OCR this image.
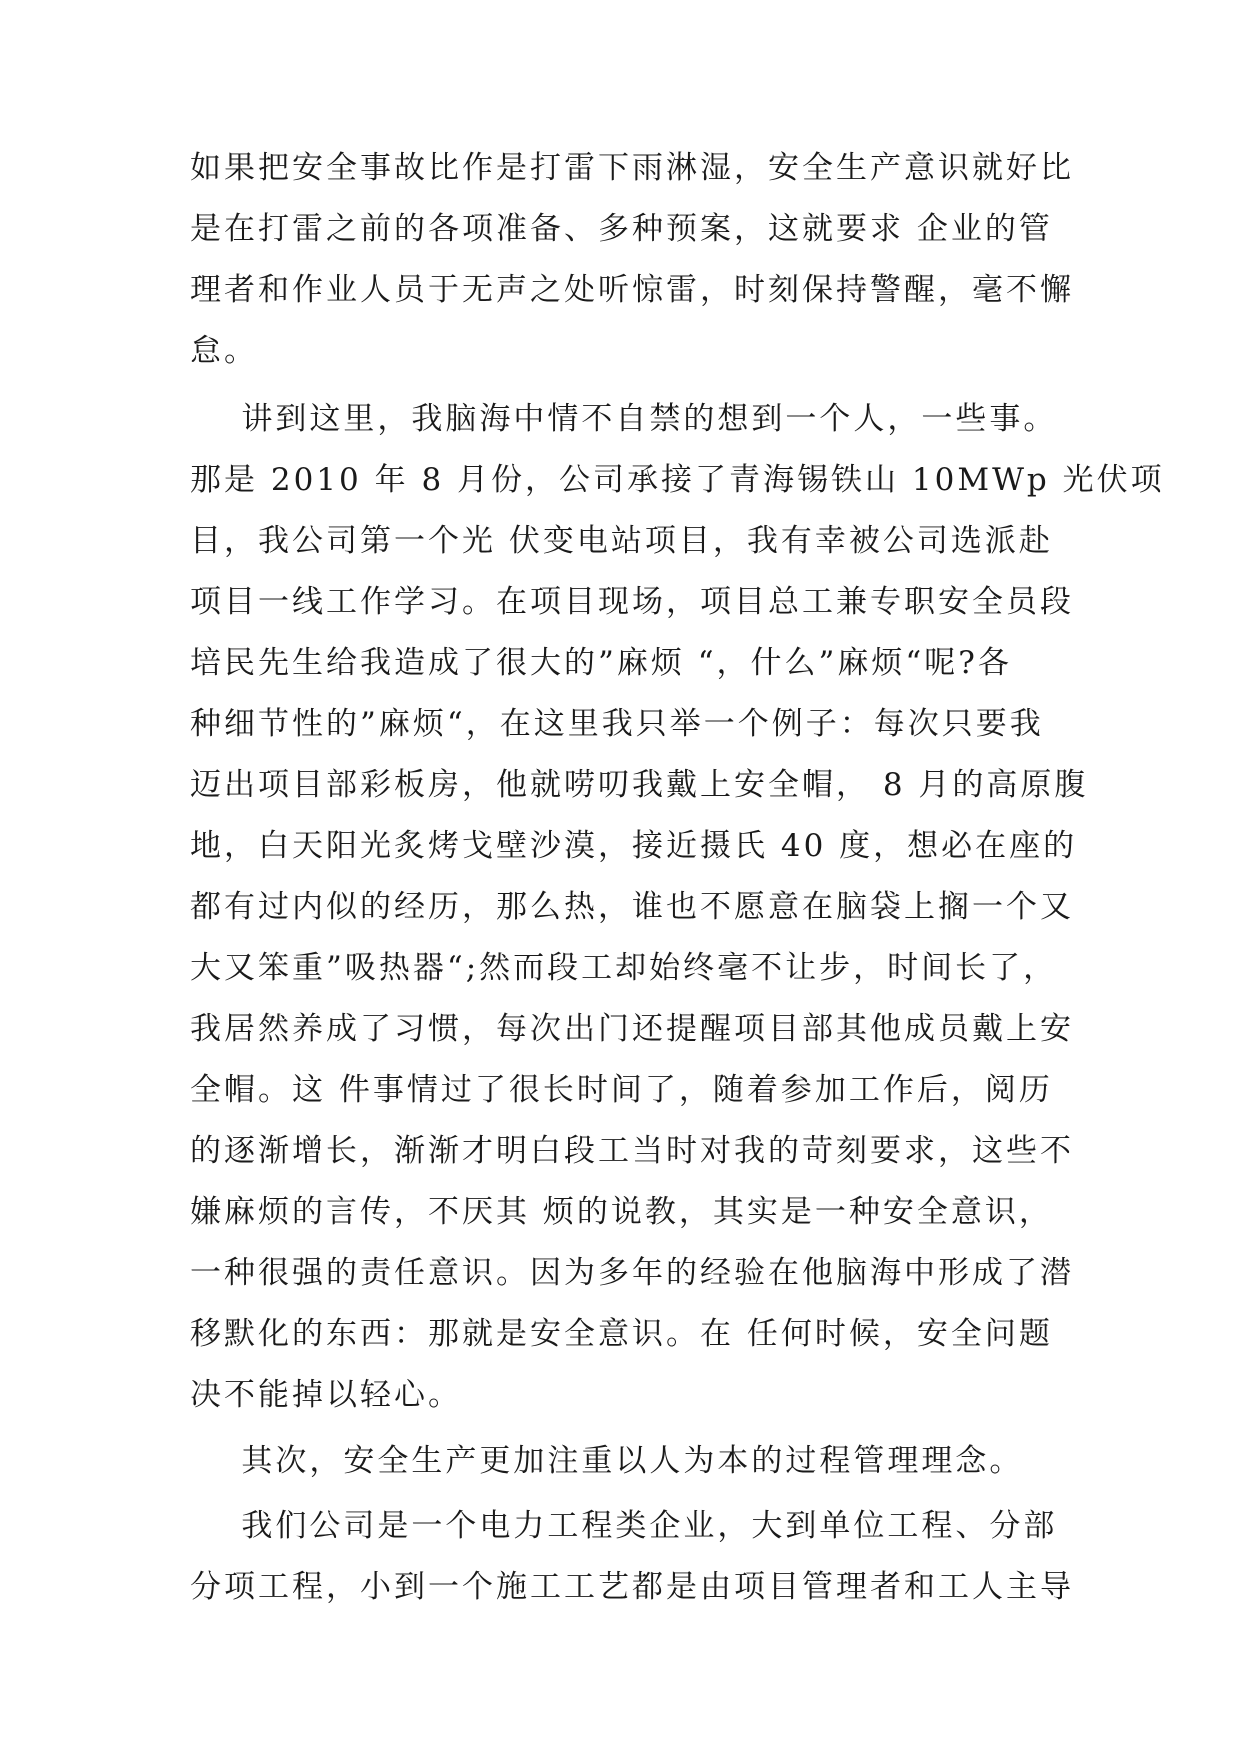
如果把安全事故比作是打雷下雨淋湿，安全生产意识就好比
是在打雷之前的各项准备、多种预案，这就要求 企业的管
理者和作业人员于无声之处听惊雷，时刻保持警醒，毫不懈
怠。
讲到这里，我脑海中情不自禁的想到一个人，一些事。
那是 2010 年 8 月份，公司承接了青海锡铁山 10MWp 光伏项
目，我公司第一个光 伏变电站项目，我有幸被公司选派赴
项目一线工作学习。在项目现场，项目总工兼专职安全员段
培民先生给我造成了很大的”麻烦 “，什么”麻烦“呢?各
种细节性的”麻烦“，在这里我只举一个例子：每次只要我
迈出项目部彩板房，他就唠叨我戴上安全帽， 8 月的高原腹
地，白天阳光炙烤戈壁沙漠，接近摄氏 40 度，想必在座的
都有过内似的经历，那么热，谁也不愿意在脑袋上搁一个又
大又笨重”吸热器“;然而段工却始终毫不让步，时间长了，
我居然养成了习惯，每次出门还提醒项目部其他成员戴上安
全帽。这 件事情过了很长时间了，随着参加工作后，阅历
的逐渐增长，渐渐才明白段工当时对我的苛刻要求，这些不
嫌麻烦的言传，不厌其 烦的说教，其实是一种安全意识，
一种很强的责任意识。因为多年的经验在他脑海中形成了潜
移默化的东西：那就是安全意识。在 任何时候，安全问题
决不能掉以轻心。
其次，安全生产更加注重以人为本的过程管理理念。
我们公司是一个电力工程类企业，大到单位工程、分部
分项工程，小到一个施工工艺都是由项目管理者和工人主导
